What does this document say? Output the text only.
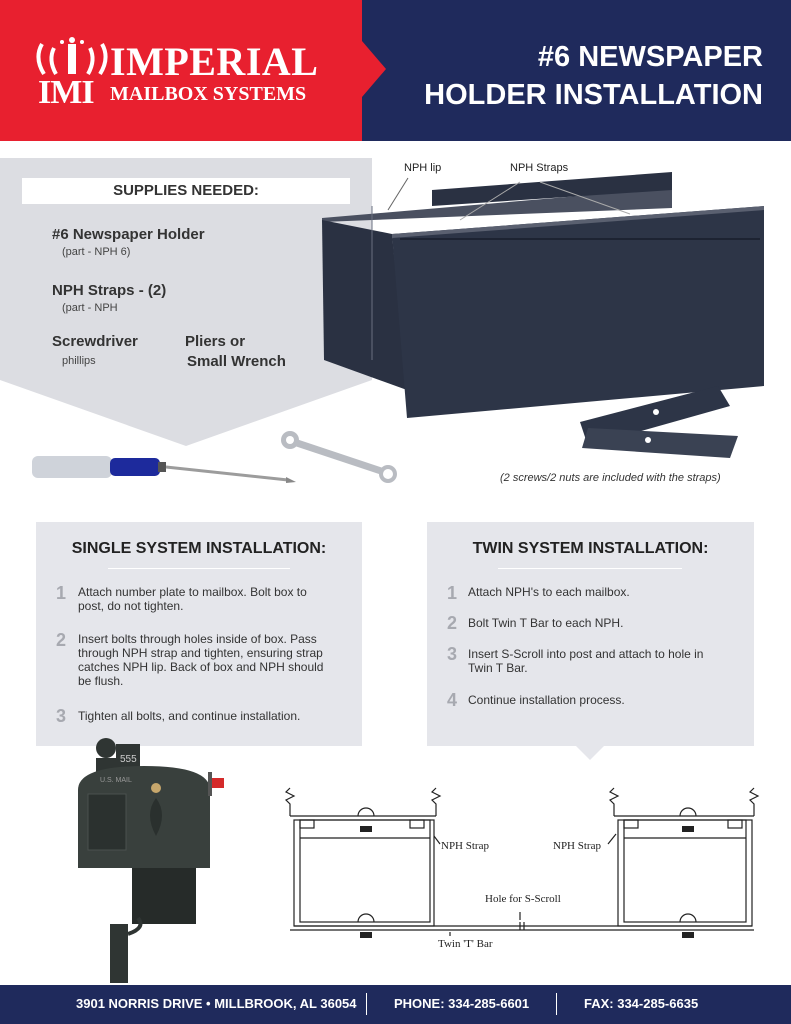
IMPERIAL
IMI MAILBOX SYSTEMS
#6 NEWSPAPER
HOLDER INSTALLATION
SUPPLIES NEEDED:
#6 Newspaper Holder
(part - NPH 6)
NPH Straps - (2)
(part - NPH
Screwdriver
phillips
Pliers or
Small Wrench
NPH lip	NPH Straps
(2 screws/2 nuts are included with the straps)
SINGLE SYSTEM INSTALLATION:
1 Attach number plate to mailbox. Bolt box to
post, do not tighten.
2 Insert bolts through holes inside of box. Pass
through NPH strap and tighten, ensuring strap
catches NPH lip. Back of box and NPH should
be flush.
3 Tighten all bolts, and continue installation.
TWIN SYSTEM INSTALLATION:
1 Attach NPH's to each mailbox.
2 Bolt Twin T Bar to each NPH.
3 Insert S-Scroll into post and attach to hole in
Twin T Bar.
4 Continue installation process.
555
U.S. MAIL
NPH Strap	NPH Strap
Hole for S-Scroll
Twin 'T' Bar
3901 NORRIS DRIVE • MILLBROOK, AL 36054	PHONE: 334-285-6601	FAX: 334-285-6635
